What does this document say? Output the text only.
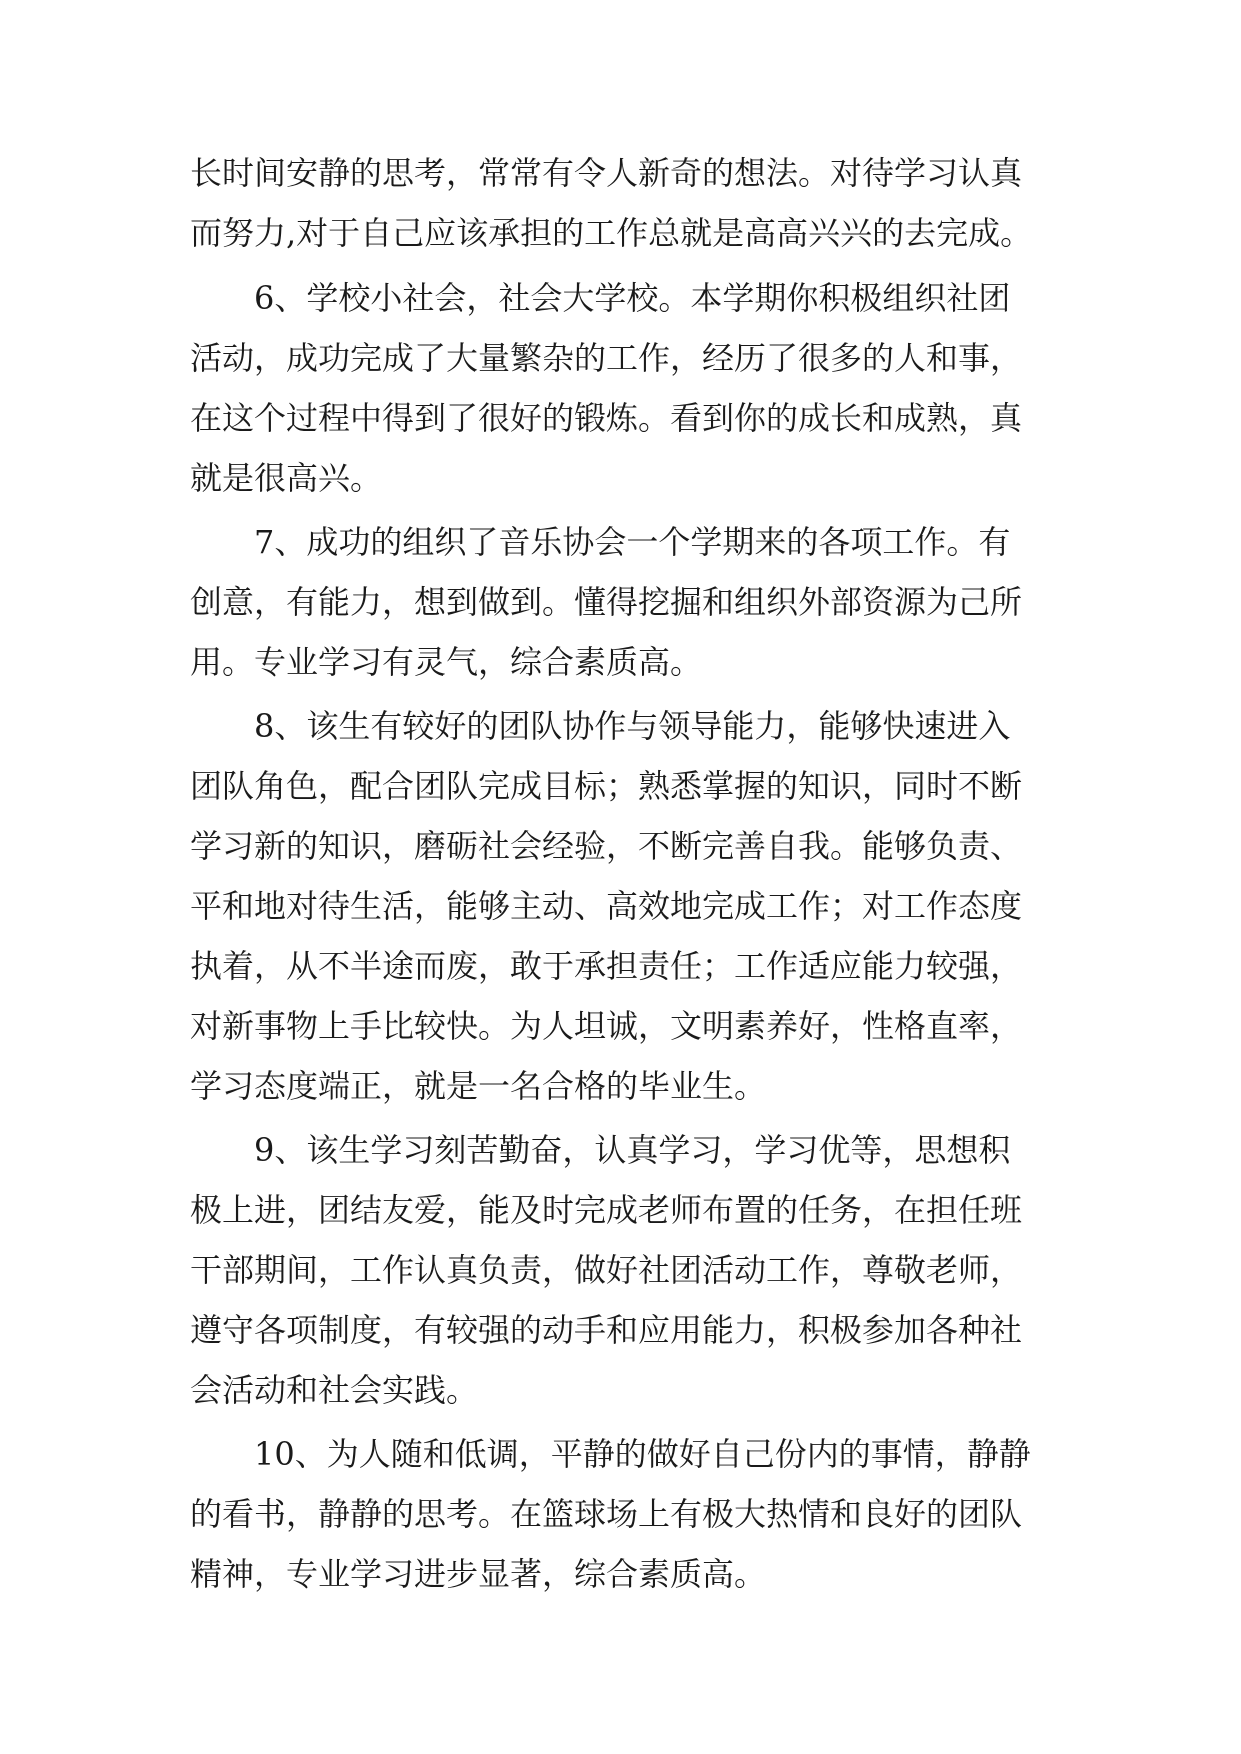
长时间安静的思考，常常有令人新奇的想法。对待学习认真
而努力,对于自己应该承担的工作总就是高高兴兴的去完成。
6、学校小社会，社会大学校。本学期你积极组织社团
活动，成功完成了大量繁杂的工作，经历了很多的人和事，
在这个过程中得到了很好的锻炼。看到你的成长和成熟，真
就是很高兴。
7、成功的组织了音乐协会一个学期来的各项工作。有
创意，有能力，想到做到。懂得挖掘和组织外部资源为己所
用。专业学习有灵气，综合素质高。
8、该生有较好的团队协作与领导能力，能够快速进入
团队角色，配合团队完成目标；熟悉掌握的知识，同时不断
学习新的知识，磨砺社会经验，不断完善自我。能够负责、
平和地对待生活，能够主动、高效地完成工作；对工作态度
执着，从不半途而废，敢于承担责任；工作适应能力较强，
对新事物上手比较快。为人坦诚，文明素养好，性格直率，
学习态度端正，就是一名合格的毕业生。
9、该生学习刻苦勤奋，认真学习，学习优等，思想积
极上进，团结友爱，能及时完成老师布置的任务，在担任班
干部期间，工作认真负责，做好社团活动工作，尊敬老师，
遵守各项制度，有较强的动手和应用能力，积极参加各种社
会活动和社会实践。
10、为人随和低调，平静的做好自己份内的事情，静静
的看书，静静的思考。在篮球场上有极大热情和良好的团队
精神，专业学习进步显著，综合素质高。
